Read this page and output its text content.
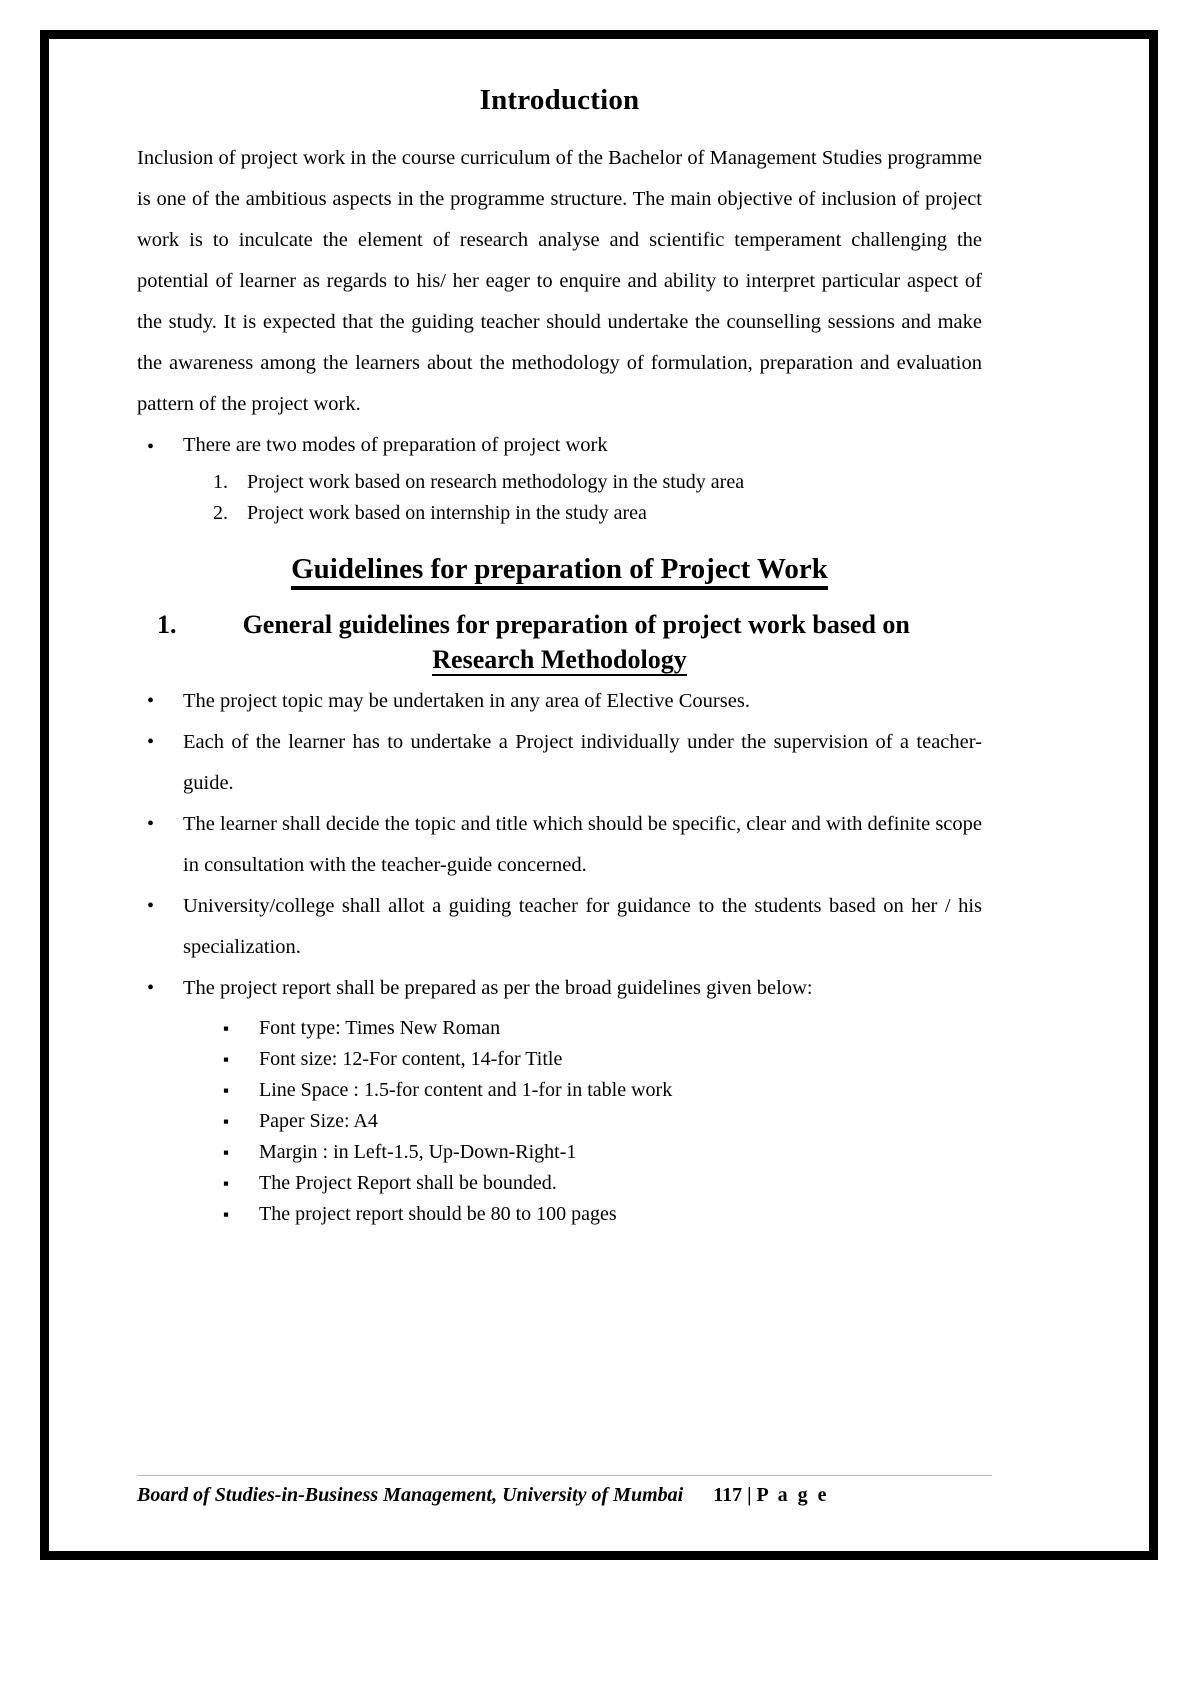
Introduction

Inclusion of project work in the course curriculum of the Bachelor of Management Studies programme is one of the ambitious aspects in the programme structure. The main objective of inclusion of project work is to inculcate the element of research analyse and scientific temperament challenging the potential of learner as regards to his/ her eager to enquire and ability to interpret particular aspect of the study. It is expected that the guiding teacher should undertake the counselling sessions and make the awareness among the learners about the methodology of formulation, preparation and evaluation pattern of the project work.

• There are two modes of preparation of project work
1. Project work based on research methodology in the study area
2. Project work based on internship in the study area
Guidelines for preparation of Project Work
1.	General guidelines for preparation of project work based on
Research Methodology
• The project topic may be undertaken in any area of Elective Courses.
• Each of the learner has to undertake a Project individually under the supervision of a teacher-guide.
• The learner shall decide the topic and title which should be specific, clear and with definite scope in consultation with the teacher-guide concerned.
• University/college shall allot a guiding teacher for guidance to the students based on her / his specialization.
• The project report shall be prepared as per the broad guidelines given below:
▪ Font type: Times New Roman
▪ Font size: 12-For content, 14-for Title
▪ Line Space : 1.5-for content and 1-for in table work
▪ Paper Size: A4
▪ Margin : in Left-1.5, Up-Down-Right-1
▪ The Project Report shall be bounded.
▪ The project report should be 80 to 100 pages
Board of Studies-in-Business Management, University of Mumbai 117 | P a g e
